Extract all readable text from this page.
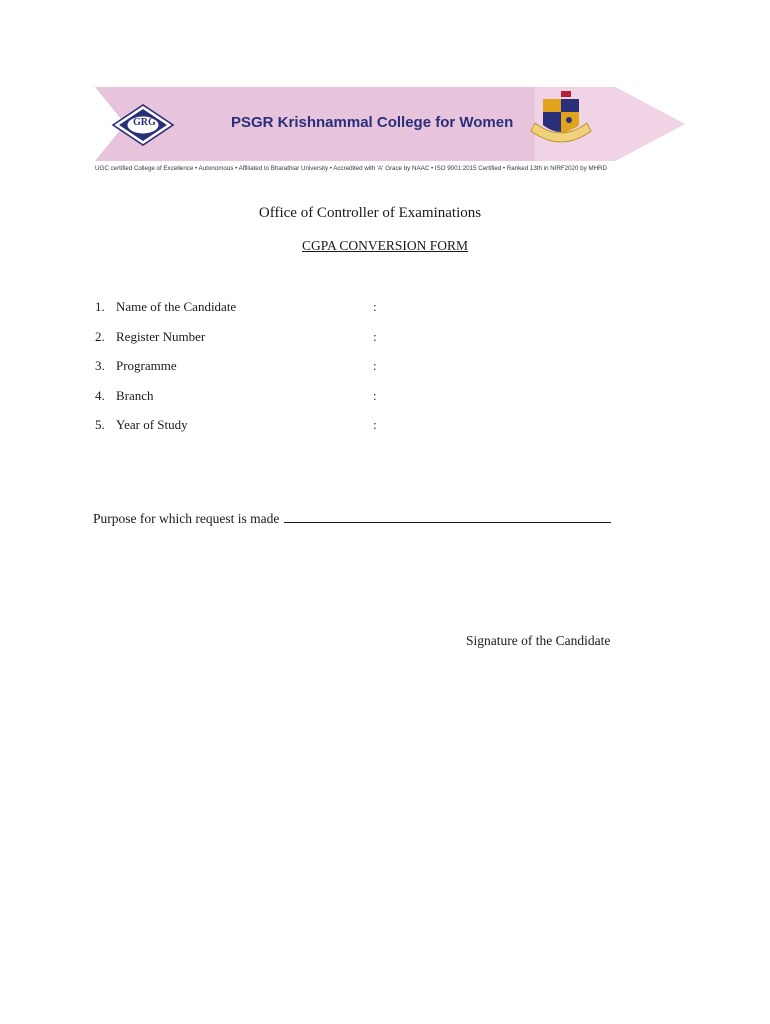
PSGR Krishnammal College for Women
GRG
UGC certified College of Excellence • Autonomous • Affiliated to Bharathiar University • Accredited with 'A' Grace by NAAC • ISO 9001:2015 Certified • Ranked 13th in NIRF2020 by MHRD
Office of Controller of Examinations
CGPA CONVERSION FORM
1. Name of the Candidate	:
2. Register Number	:
3. Programme	:
4. Branch	:
5. Year of Study	:
Purpose for which request is made
Signature of the Candidate
